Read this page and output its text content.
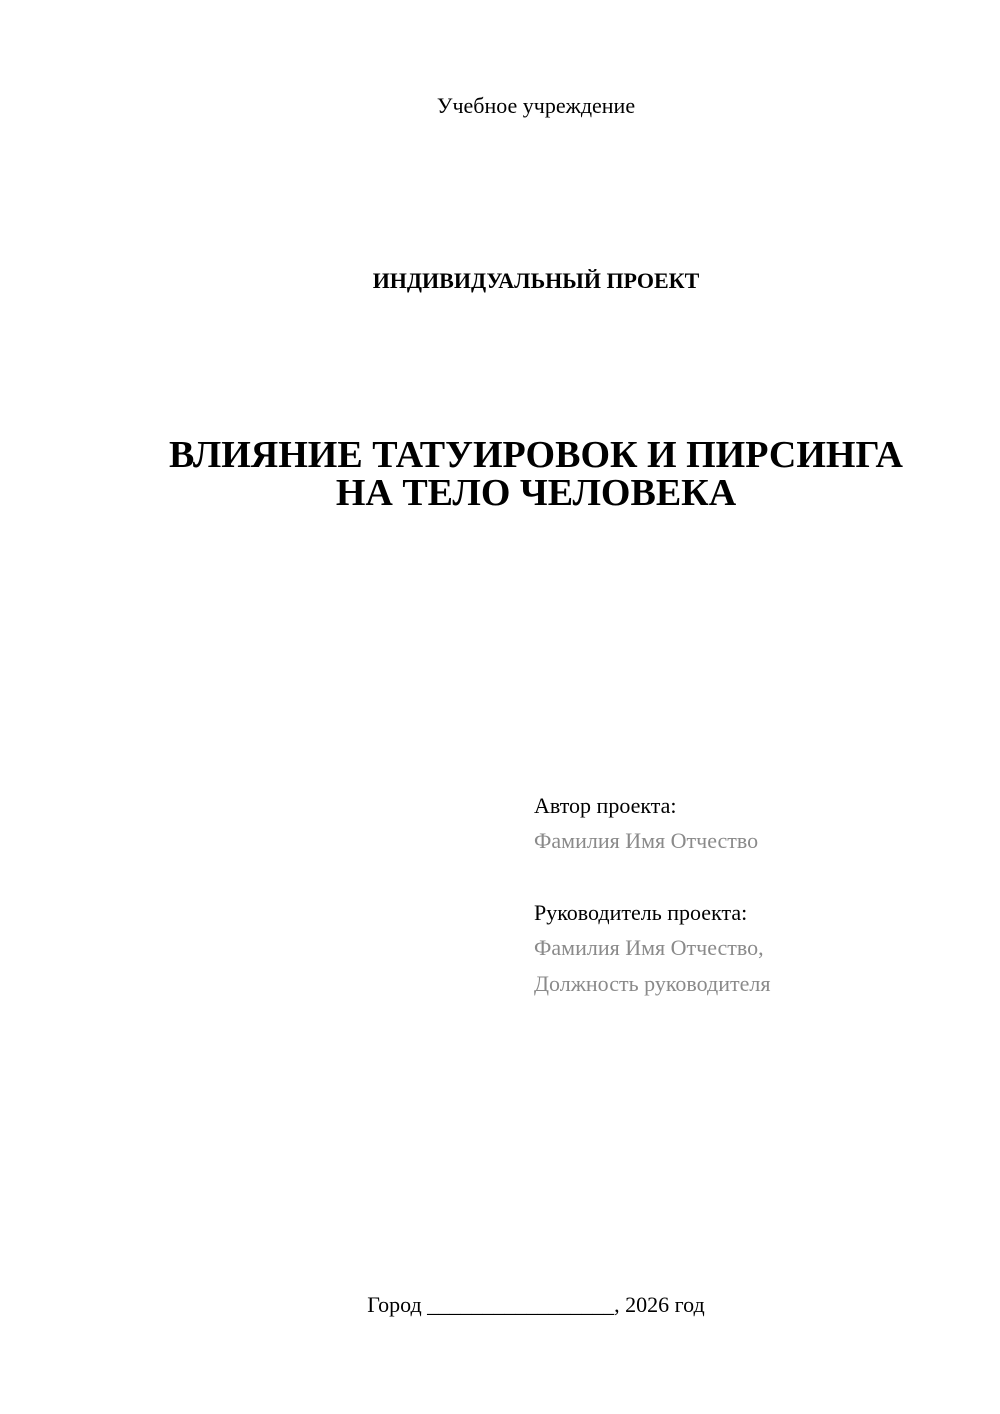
Учебное учреждение
ИНДИВИДУАЛЬНЫЙ ПРОЕКТ
ВЛИЯНИЕ ТАТУИРОВОК И ПИРСИНГА
НА ТЕЛО ЧЕЛОВЕКА
Автор проекта:
Фамилия Имя Отчество
Руководитель проекта:
Фамилия Имя Отчество,
Должность руководителя
Город _________________, 2026 год
